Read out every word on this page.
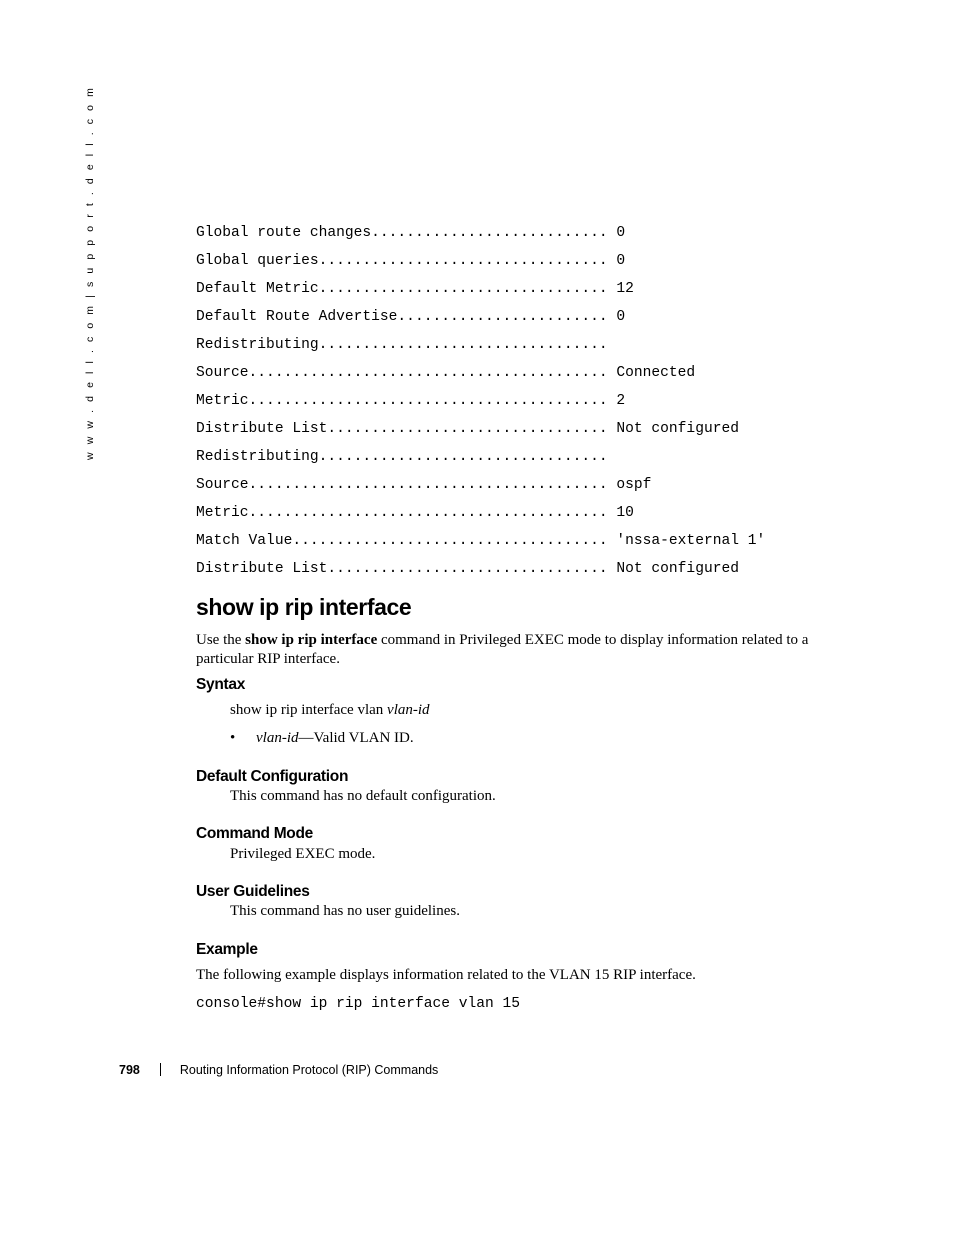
w w w . d e l l . c o m | s u p p o r t . d e l l . c o m	Global route changes........................... 0
Global queries................................. 0
Default Metric................................. 12
Default Route Advertise........................ 0
Redistributing.................................
Source......................................... Connected
Metric......................................... 2
Distribute List................................ Not configured
Redistributing.................................
Source......................................... ospf
Metric......................................... 10
Match Value.................................... 'nssa-external 1'
Distribute List................................ Not configured
show ip rip interface

Use the show ip rip interface command in Privileged EXEC mode to display information related to a particular RIP interface.

Syntax

show ip rip interface vlan vlan-id

• vlan-id—Valid VLAN ID.
Default Configuration

This command has no default configuration.

Command Mode

Privileged EXEC mode.

User Guidelines

This command has no user guidelines.

Example

The following example displays information related to the VLAN 15 RIP interface.

console#show ip rip interface vlan 15
798	Routing Information Protocol (RIP) Commands
